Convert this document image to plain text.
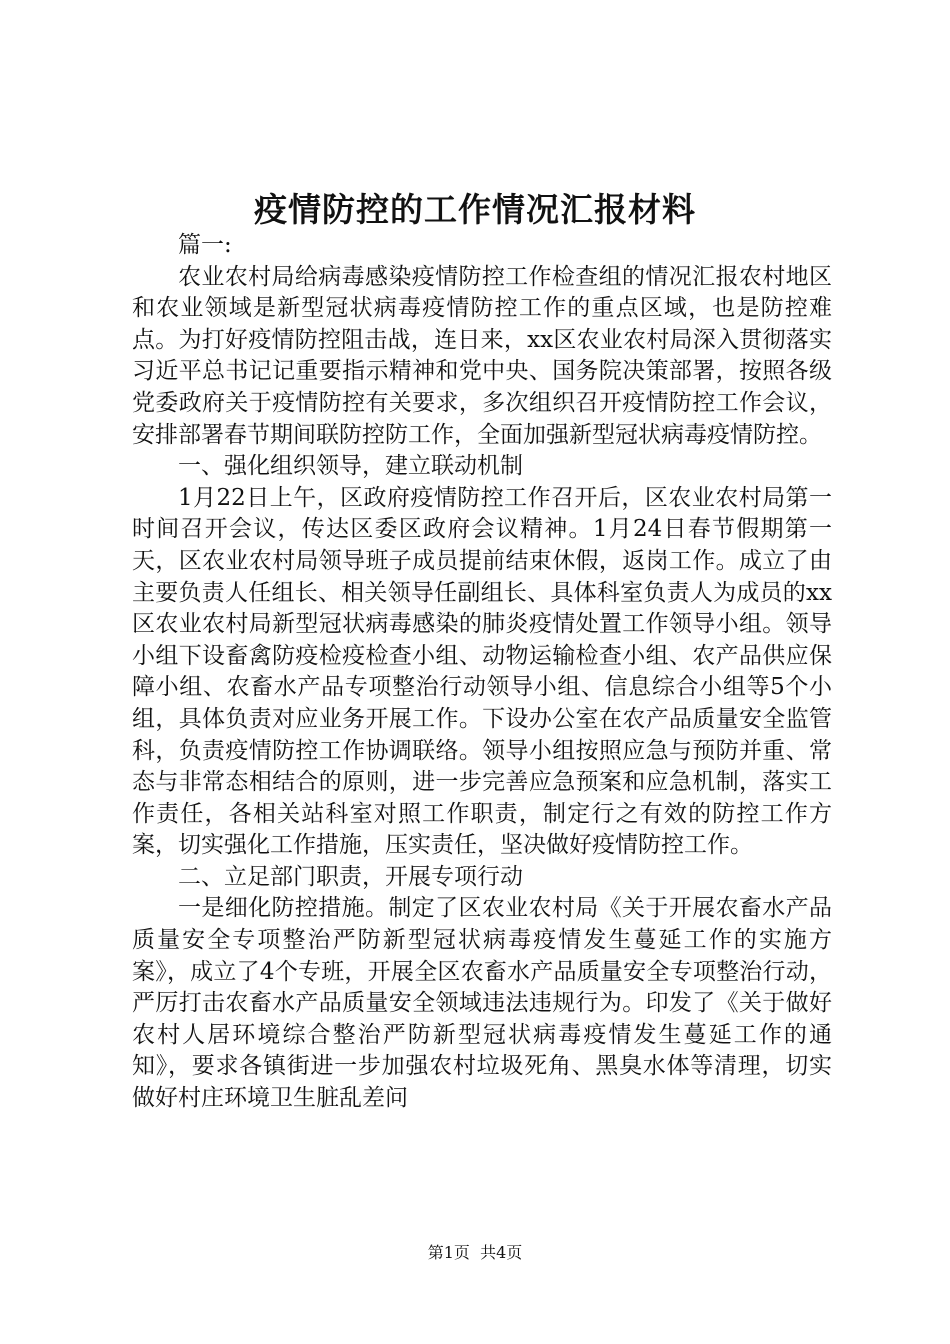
疫情防控的工作情况汇报材料

篇一:

农业农村局给病毒感染疫情防控工作检查组的情况汇报农村地区和农业领域是新型冠状病毒疫情防控工作的重点区域，也是防控难点。为打好疫情防控阻击战，连日来，xx区农业农村局深入贯彻落实习近平总书记记重要指示精神和党中央、国务院决策部署，按照各级党委政府关于疫情防控有关要求，多次组织召开疫情防控工作会议，安排部署春节期间联防控防工作，全面加强新型冠状病毒疫情防控。

一、强化组织领导，建立联动机制

1月22日上午，区政府疫情防控工作召开后，区农业农村局第一时间召开会议，传达区委区政府会议精神。1月24日春节假期第一天，区农业农村局领导班子成员提前结束休假，返岗工作。成立了由主要负责人任组长、相关领导任副组长、具体科室负责人为成员的xx区农业农村局新型冠状病毒感染的肺炎疫情处置工作领导小组。领导小组下设畜禽防疫检疫检查小组、动物运输检查小组、农产品供应保障小组、农畜水产品专项整治行动领导小组、信息综合小组等5个小组，具体负责对应业务开展工作。下设办公室在农产品质量安全监管科，负责疫情防控工作协调联络。领导小组按照应急与预防并重、常态与非常态相结合的原则，进一步完善应急预案和应急机制，落实工作责任，各相关站科室对照工作职责，制定行之有效的防控工作方案，切实强化工作措施，压实责任，坚决做好疫情防控工作。

二、立足部门职责，开展专项行动

一是细化防控措施。制定了区农业农村局《关于开展农畜水产品质量安全专项整治严防新型冠状病毒疫情发生蔓延工作的实施方案》，成立了4个专班，开展全区农畜水产品质量安全专项整治行动，严厉打击农畜水产品质量安全领域违法违规行为。印发了《关于做好农村人居环境综合整治严防新型冠状病毒疫情发生蔓延工作的通知》，要求各镇街进一步加强农村垃圾死角、黑臭水体等清理，切实做好村庄环境卫生脏乱差问

第1页 共4页
